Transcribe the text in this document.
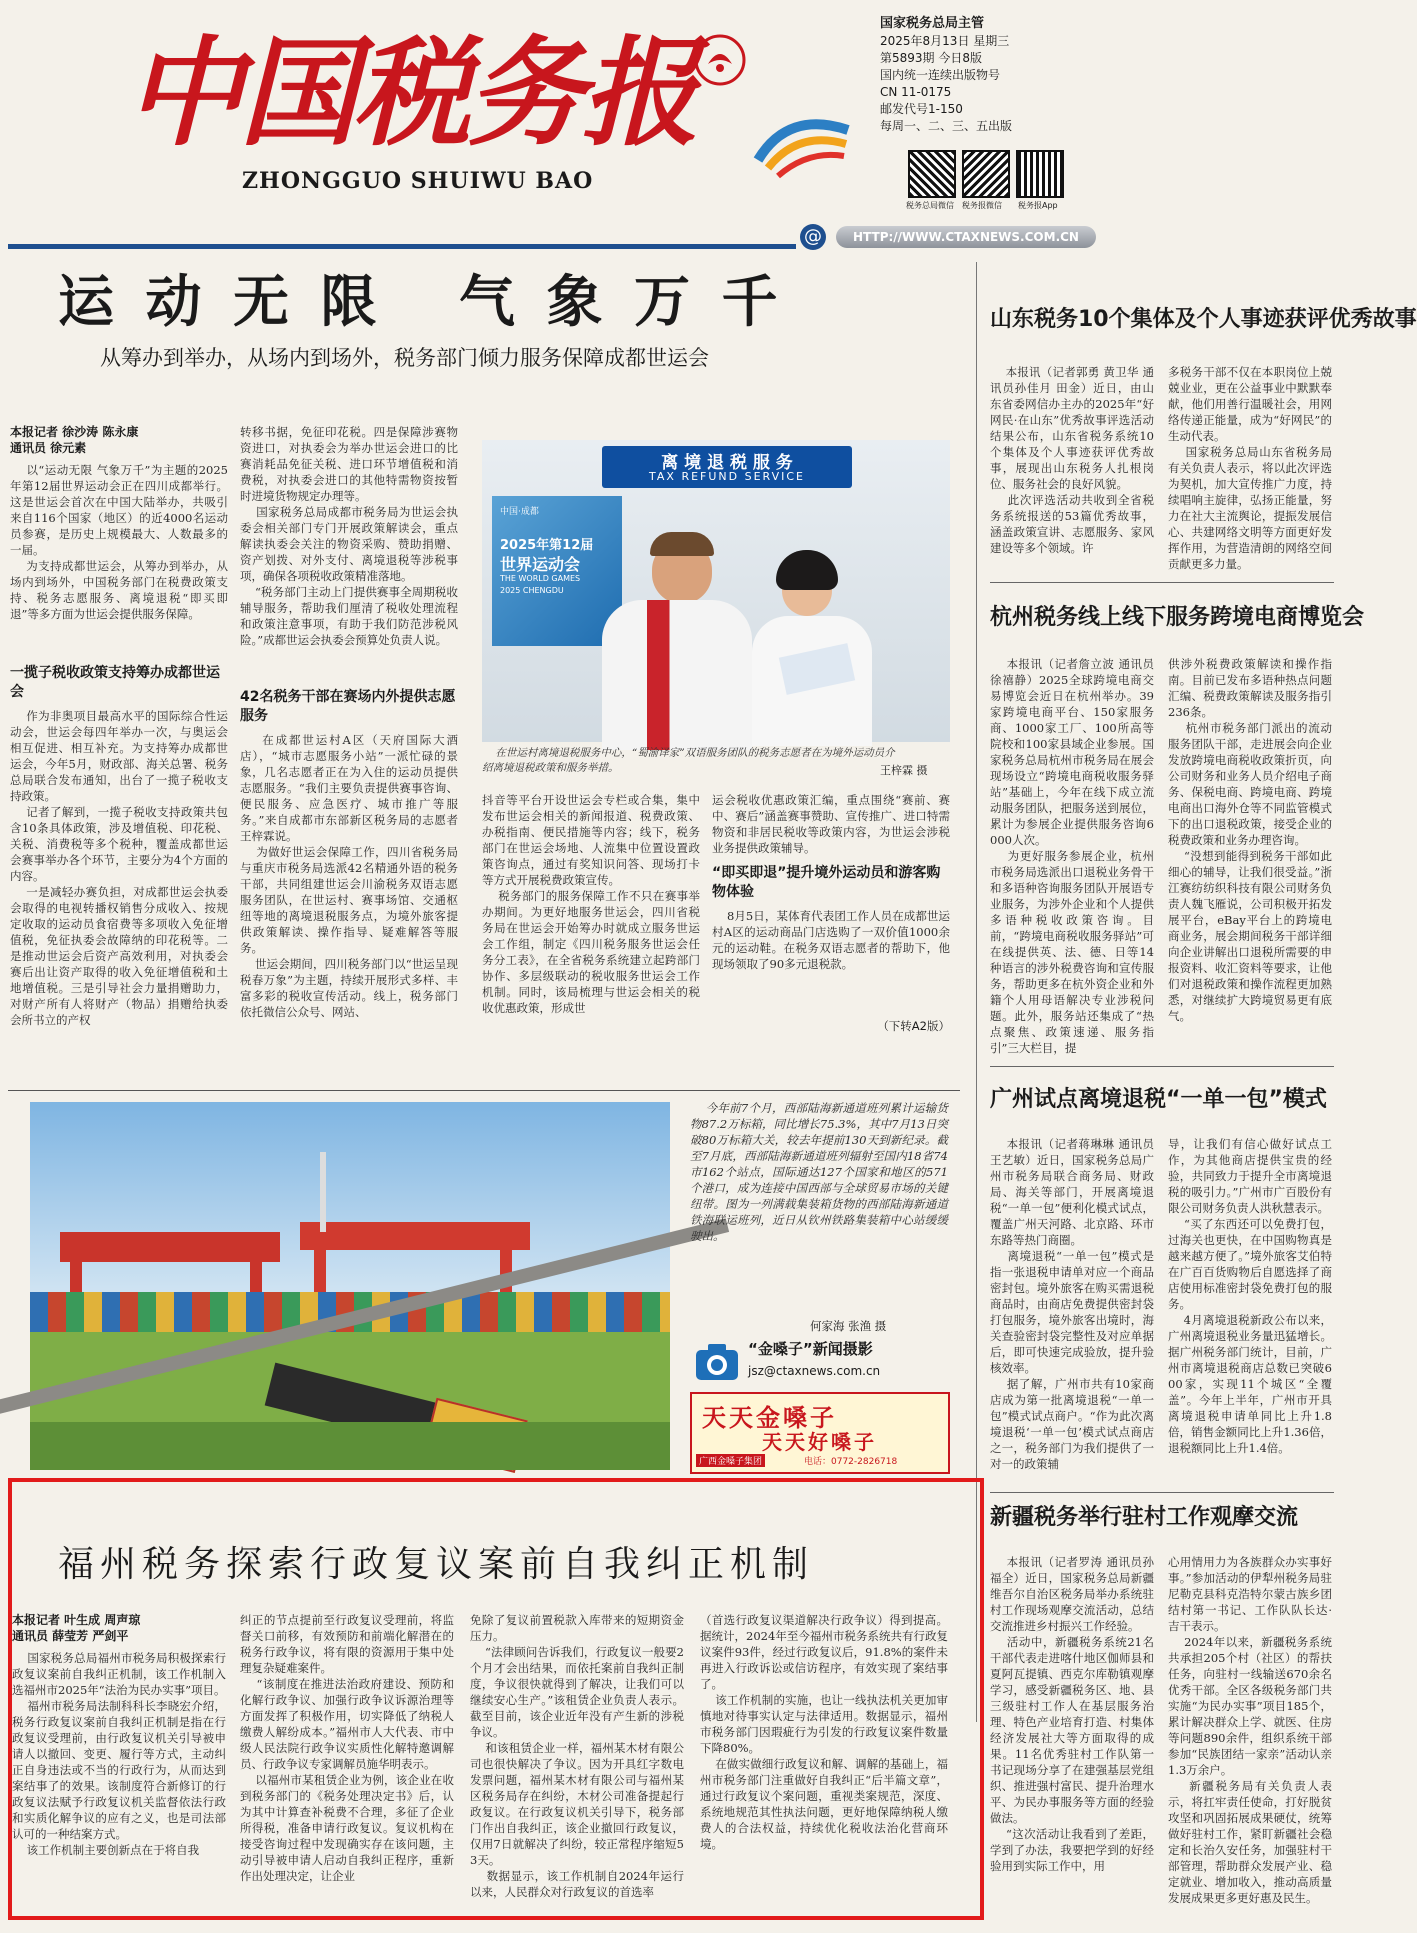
中国税务报
ZHONGGUO SHUIWU BAO
国家税务总局主管
2025年8月13日 星期三
第5893期 今日8版
国内统一连续出版物号
CN 11-0175
邮发代号1-150
每周一、二、三、五出版
税务总局微信 税务报微信 税务报App
@	HTTP://WWW.CTAXNEWS.COM.CN
运 动 无 限   气 象 万 千
从筹办到举办，从场内到场外，税务部门倾力服务保障成都世运会
本报记者 徐沙涛 陈永康
通讯员 徐元素
以“运动无限 气象万千”为主题的2025年第12届世界运动会正在四川成都举行。这是世运会首次在中国大陆举办，共吸引来自116个国家（地区）的近4000名运动员参赛，是历史上规模最大、人数最多的一届。
为支持成都世运会，从筹办到举办，从场内到场外，中国税务部门在税费政策支持、税务志愿服务、离境退税“即买即退”等多方面为世运会提供服务保障。
一揽子税收政策支持筹办成都世运会
作为非奥项目最高水平的国际综合性运动会，世运会每四年举办一次，与奥运会相互促进、相互补充。为支持筹办成都世运会，今年5月，财政部、海关总署、税务总局联合发布通知，出台了一揽子税收支持政策。
记者了解到，一揽子税收支持政策共包含10条具体政策，涉及增值税、印花税、关税、消费税等多个税种，覆盖成都世运会赛事举办各个环节，主要分为4个方面的内容。
一是减轻办赛负担，对成都世运会执委会取得的电视转播权销售分成收入、按规定收取的运动员食宿费等多项收入免征增值税，免征执委会故障纳的印花税等。二是推动世运会后资产高效利用，对执委会赛后出让资产取得的收入免征增值税和土地增值税。三是引导社会力量捐赠助力，对财产所有人将财产（物品）捐赠给执委会所书立的产权
转移书据，免征印花税。四是保障涉赛物资进口，对执委会为举办世运会进口的比赛消耗品免征关税、进口环节增值税和消费税，对执委会进口的其他特需物资按暂时进境货物规定办理等。
国家税务总局成都市税务局为世运会执委会相关部门专门开展政策解读会，重点解读执委会关注的物资采购、赞助捐赠、资产划拨、对外支付、离境退税等涉税事项，确保各项税收政策精准落地。
“税务部门主动上门提供赛事全周期税收辅导服务，帮助我们厘清了税收处理流程和政策注意事项，有助于我们防范涉税风险。”成都世运会执委会预算处负责人说。
42名税务干部在赛场内外提供志愿服务
在成都世运村A区（天府国际大酒店），“城市志愿服务小站”一派忙碌的景象，几名志愿者正在为入住的运动员提供志愿服务。“我们主要负责提供赛事咨询、便民服务、应急医疗、城市推广等服务。”来自成都市东部新区税务局的志愿者王梓霖说。
为做好世运会保障工作，四川省税务局与重庆市税务局选派42名精通外语的税务干部，共同组建世运会川渝税务双语志愿服务团队，在世运村、赛事场馆、交通枢纽等地的离境退税服务点，为境外旅客提供政策解读、操作指导、疑难解答等服务。
世运会期间，四川税务部门以“世运呈现 税春万象”为主题，持续开展形式多样、丰富多彩的税收宣传活动。线上，税务部门依托微信公众号、网站、
离 境 退 税 服 务
TAX REFUND SERVICE
中国·成都
2025年第12届
世界运动会
THE WORLD GAMES
2025 CHENGDU
在世运村离境退税服务中心，“蜀渝译家”双语服务团队的税务志愿者在为境外运动员介绍离境退税政策和服务举措。	王梓霖 摄
抖音等平台开设世运会专栏或合集，集中发布世运会相关的新闻报道、税费政策、办税指南、便民措施等内容；线下，税务部门在世运会场地、人流集中位置设置政策咨询点，通过有奖知识问答、现场打卡等方式开展税费政策宣传。
税务部门的服务保障工作不只在赛事举办期间。为更好地服务世运会，四川省税务局在世运会开始筹办时就成立服务世运会工作组，制定《四川税务服务世运会任务分工表》，在全省税务系统建立起跨部门协作、多层级联动的税收服务世运会工作机制。同时，该局梳理与世运会相关的税收优惠政策，形成世
运会税收优惠政策汇编，重点围绕“赛前、赛中、赛后”涵盖赛事赞助、宣传推广、进口特需物资和非居民税收等政策内容，为世运会涉税业务提供政策辅导。
“即买即退”提升境外运动员和游客购物体验
8月5日，某体育代表团工作人员在成都世运村A区的运动商品门店选购了一双价值1000余元的运动鞋。在税务双语志愿者的帮助下，他现场领取了90多元退税款。
（下转A2版）
今年前7个月，西部陆海新通道班列累计运输货物87.2万标箱，同比增长75.3%，其中7月13日突破80万标箱大关，较去年提前130天到新纪录。截至7月底，西部陆海新通道班列辐射至国内18省74市162个站点，国际通达127个国家和地区的571个港口，成为连接中国西部与全球贸易市场的关键纽带。图为一列满载集装箱货物的西部陆海新通道铁海联运班列，近日从钦州铁路集装箱中心站缓缓驶出。
何家海 张渔 摄
“金嗓子”新闻摄影
jsz@ctaxnews.com.cn
天天金嗓子
天天好嗓子
广西金嗓子集团	电话：0772-2826718
福州税务探索行政复议案前自我纠正机制
本报记者 叶生成 周声琼
通讯员 薛莹芳 严剑平
国家税务总局福州市税务局积极探索行政复议案前自我纠正机制，该工作机制入选福州市2025年“法治为民办实事”项目。
福州市税务局法制科科长李晓宏介绍，税务行政复议案前自我纠正机制是指在行政复议受理前，由行政复议机关引导被申请人以撤回、变更、履行等方式，主动纠正自身违法或不当的行政行为，从而达到案结事了的效果。该制度符合新修订的行政复议法赋予行政复议机关监督依法行政和实质化解争议的应有之义，也是司法部认可的一种结案方式。
该工作机制主要创新点在于将自我
纠正的节点提前至行政复议受理前，将监督关口前移，有效预防和前端化解潜在的税务行政争议，将有限的资源用于集中处理复杂疑难案件。
“该制度在推进法治政府建设、预防和化解行政争议、加强行政争议诉源治理等方面发挥了积极作用，切实降低了纳税人缴费人解纷成本。”福州市人大代表、市中级人民法院行政争议实质性化解特邀调解员、行政争议专家调解员施华明表示。
以福州市某租赁企业为例，该企业在收到税务部门的《税务处理决定书》后，认为其中计算查补税费不合理，多征了企业所得税，准备申请行政复议。复议机构在接受咨询过程中发现确实存在该问题，主动引导被申请人启动自我纠正程序，重新作出处理决定，让企业
免除了复议前置税款入库带来的短期资金压力。
“法律顾问告诉我们，行政复议一般要2个月才会出结果，而依托案前自我纠正制度，争议很快就得到了解决，让我们可以继续安心生产。”该租赁企业负责人表示。截至目前，该企业近年没有产生新的涉税争议。
和该租赁企业一样，福州某木材有限公司也很快解决了争议。因为开具红字数电发票问题，福州某木材有限公司与福州某区税务局存在纠纷，木材公司准备提起行政复议。在行政复议机关引导下，税务部门作出自我纠正，该企业撤回行政复议，仅用7日就解决了纠纷，较正常程序缩短53天。
数据显示，该工作机制自2024年运行以来，人民群众对行政复议的首选率
（首选行政复议渠道解决行政争议）得到提高。据统计，2024年至今福州市税务系统共有行政复议案件93件，经过行政复议后，91.8%的案件未再进入行政诉讼或信访程序，有效实现了案结事了。
该工作机制的实施，也让一线执法机关更加审慎地对待事实认定与法律适用。数据显示，福州市税务部门因瑕疵行为引发的行政复议案件数量下降80%。
在做实做细行政复议和解、调解的基础上，福州市税务部门注重做好自我纠正“后半篇文章”，通过行政复议个案问题，重视类案规范，深度、系统地规范其性执法问题，更好地保障纳税人缴费人的合法权益，持续优化税收法治化营商环境。
山东税务10个集体及个人事迹获评优秀故事
本报讯（记者郭勇 黄卫华 通讯员孙佳月 田金）近日，由山东省委网信办主办的2025年“好网民·在山东”优秀故事评选活动结果公布，山东省税务系统10个集体及个人事迹获评优秀故事，展现出山东税务人扎根岗位、服务社会的良好风貌。
此次评选活动共收到全省税务系统报送的53篇优秀故事，涵盖政策宣讲、志愿服务、家风建设等多个领域。许
多税务干部不仅在本职岗位上兢兢业业，更在公益事业中默默奉献，他们用善行温暖社会，用网络传递正能量，成为“好网民”的生动代表。
国家税务总局山东省税务局有关负责人表示，将以此次评选为契机，加大宣传推广力度，持续唱响主旋律，弘扬正能量，努力在社大主流舆论，提振发展信心、共建网络文明等方面更好发挥作用，为营造清朗的网络空间贡献更多力量。
杭州税务线上线下服务跨境电商博览会
本报讯（记者詹立波 通讯员徐禧静）2025全球跨境电商交易博览会近日在杭州举办。39家跨境电商平台、150家服务商、1000家工厂、100所高等院校和100家县域企业参展。国家税务总局杭州市税务局在展会现场设立“跨境电商税收服务驿站”基础上，今年在线下成立流动服务团队，把服务送到展位，累计为参展企业提供服务咨询6000人次。
为更好服务参展企业，杭州市税务局选派出口退税业务骨干和多语种咨询服务团队开展语专业服务，为涉外企业和个人提供多语种税收政策咨询。目前，“跨境电商税收服务驿站”可在线提供英、法、德、日等14种语言的涉外税费咨询和宣传服务，帮助更多在杭外资企业和外籍个人用母语解决专业涉税问题。此外，服务站还集成了“热点聚焦、政策速递、服务指引”三大栏目，提
供涉外税费政策解读和操作指南。目前已发布多语种热点问题汇编、税费政策解读及服务指引236条。
杭州市税务部门派出的流动服务团队干部，走进展会向企业发放跨境电商税收政策折页，向公司财务和业务人员介绍电子商务、保税电商、跨境电商、跨境电商出口海外仓等不同监管模式下的出口退税政策，接受企业的税费政策和业务办理咨询。
“没想到能得到税务干部如此细心的辅导，让我们很受益。”浙江赛纺纺织科技有限公司财务负责人魏飞雁说，公司积极开拓发展平台，eBay平台上的跨境电商业务，展会期间税务干部详细向企业讲解出口退税所需要的申报资料、收汇资料等要求，让他们对退税政策和操作流程更加熟悉，对继续扩大跨境贸易更有底气。
广州试点离境退税“一单一包”模式
本报讯（记者蒋琳琳 通讯员王艺敏）近日，国家税务总局广州市税务局联合商务局、财政局、海关等部门，开展离境退税“一单一包”便利化模式试点，覆盖广州天河路、北京路、环市东路等热门商圈。
离境退税“一单一包”模式是指一张退税申请单对应一个商品密封包。境外旅客在购买需退税商品时，由商店免费提供密封袋打包服务，境外旅客出境时，海关查验密封袋完整性及对应单据后，即可快速完成验放，提升验核效率。
据了解，广州市共有10家商店成为第一批离境退税“一单一包”模式试点商户。“作为此次离境退税‘一单一包’模式试点商店之一，税务部门为我们提供了一对一的政策辅
导，让我们有信心做好试点工作，为其他商店提供宝贵的经验，共同致力于提升全市离境退税的吸引力。”广州市广百股份有限公司财务负责人洪秋慧表示。
“买了东西还可以免费打包，过海关也更快，在中国购物真是越来越方便了。”境外旅客艾伯特在广百百货购物后自愿选择了商店使用标准密封袋免费打包的服务。
4月离境退税新政公布以来，广州离境退税业务量迅猛增长。据广州税务部门统计，目前，广州市离境退税商店总数已突破600家，实现11个城区“全覆盖”。今年上半年，广州市开具离境退税申请单同比上升1.8倍，销售金额同比上升1.36倍，退税额同比上升1.4倍。
新疆税务举行驻村工作观摩交流
本报讯（记者罗涛 通讯员孙福全）近日，国家税务总局新疆维吾尔自治区税务局举办系统驻村工作现场观摩交流活动，总结交流推进乡村振兴工作经验。
活动中，新疆税务系统21名干部代表走进喀什地区伽师县和夏阿瓦提镇、西克尔库勒镇观摩学习，感受新疆税务区、地、县三级驻村工作人在基层服务治理、特色产业培育打造、村集体经济发展社大等方面取得的成果。11名优秀驻村工作队第一书记现场分享了在建强基层党组织、推进强村富民、提升治理水平、为民办事服务等方面的经验做法。
“这次活动让我看到了差距，学到了办法，我要把学到的好经验用到实际工作中，用
心用情用力为各族群众办实事好事。”参加活动的伊犁州税务局驻尼勒克县科克浩特尔蒙古族乡团结村第一书记、工作队队长达·吉干表示。
2024年以来，新疆税务系统共承担205个村（社区）的帮扶任务，向驻村一线输送670余名优秀干部。全区各级税务部门共实施“为民办实事”项目185个，累计解决群众上学、就医、住房等问题890余件，组织系统干部参加“民族团结一家亲”活动认亲1.3万余户。
新疆税务局有关负责人表示，将扛牢责任使命，打好脱贫攻坚和巩固拓展成果硬仗，统筹做好驻村工作，紧盯新疆社会稳定和长治久安任务，加强驻村干部管理，帮助群众发展产业、稳定就业、增加收入，推动高质量发展成果更多更好惠及民生。
